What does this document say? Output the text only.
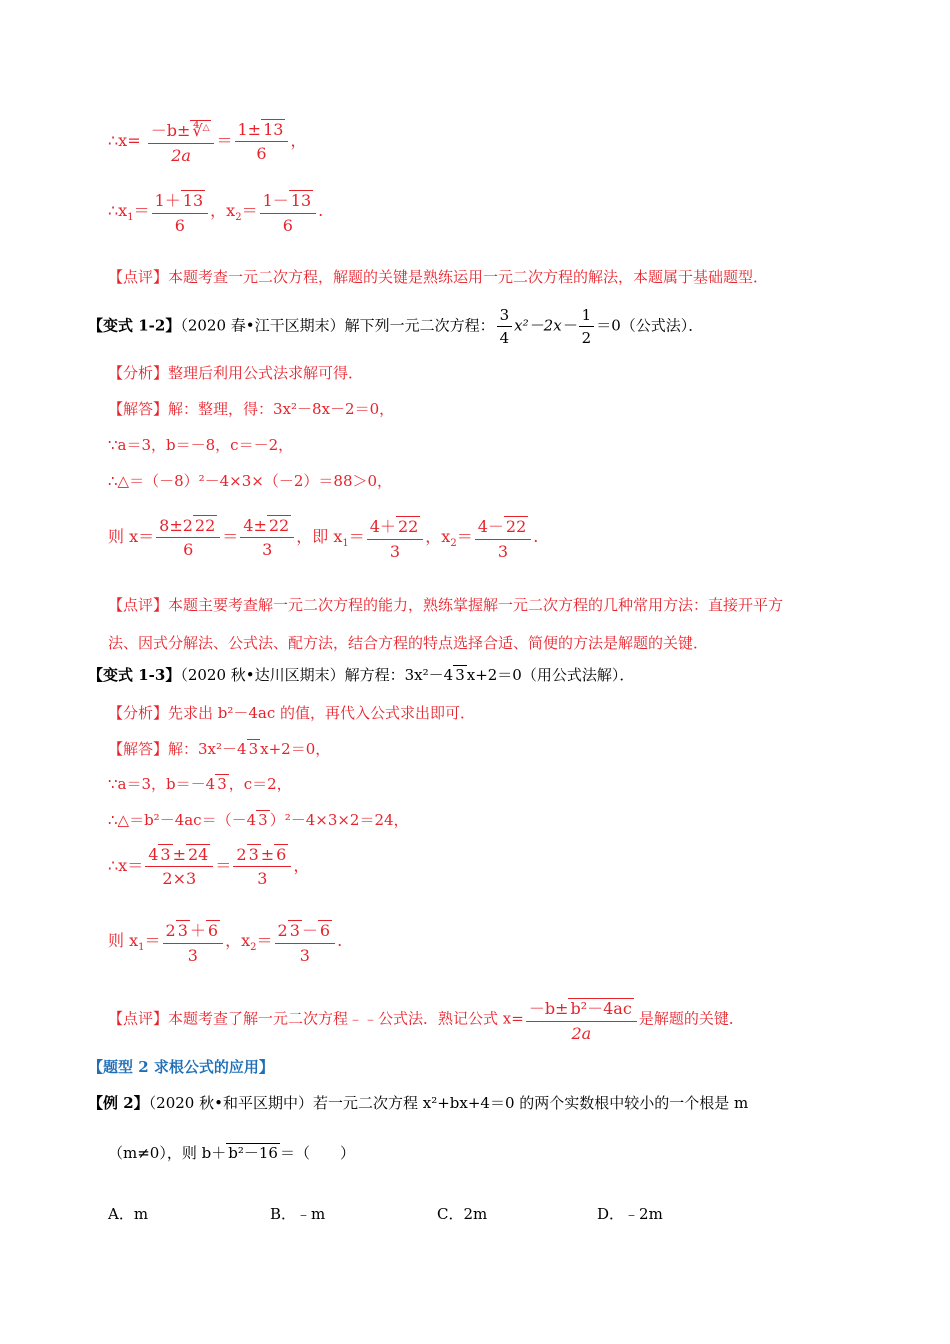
∴x= $\frac{-b\pm ∜^\triangle}{2a} = \frac{1\pm 13}{6}$ ，
$\therefore x_1= \frac{1+ 13}{6}$ ，$x_2= \frac{1- 13}{6}$ .
【点评】本题考查一元二次方程，解题的关键是熟练运用一元二次方程的解法，本题属于基础题型．
【变式 1-2】（2020 春•江干区期末）解下列一元二次方程： $\frac{3}{4} x^2-2x- \frac{1}{2} =0$（公式法）．
【分析】整理后利用公式法求解可得．
【解答】解：整理，得：3x²－8x－2＝0，
∵a＝3，b＝－8，c＝－2，
∴△＝（－8）²－4×3×（－2）＝88＞0，
则 $x= \frac{8\pm 2 22}{6} = \frac{4\pm 22}{3}$ ，即 $x_1= \frac{4+ 22}{3}$ ，$x_2= \frac{4- 22}{3}$ .
【点评】本题主要考查解一元二次方程的能力，熟练掌握解一元二次方程的几种常用方法：直接开平方
法、因式分解法、公式法、配方法，结合方程的特点选择合适、简便的方法是解题的关键．
【变式 1-3】（2020 秋•达川区期末）解方程：3x²－4 3 x+2＝0（用公式法解）．
【分析】先求出 b²－4ac 的值，再代入公式求出即可．
【解答】解：3x²－4 3 x+2＝0，
∵a＝3，b＝－4 3 ，c＝2，
∴△＝b²－4ac＝（－4 3 ）²－4×3×2＝24，
∴x＝ $\frac{4 3 \pm 24}{2\times 3} = \frac{2 3 \pm 6}{3}$ ，
则 $x_1= \frac{2 3 + 6}{3}$ ，$x_2= \frac{2 3 - 6}{3}$ .
【点评】本题考查了解一元二次方程﹣﹣公式法．熟记公式 $x= \frac{\text{－b± b²－4ac}}{2a}$ 是解题的关键．
【题型 2 求根公式的应用】
【例 2】（2020 秋•和平区期中）若一元二次方程 x²+bx+4＝0 的两个实数根中较小的一个根是 m
（m≠0），则 b＋ b²－16 ＝（　　）
A．m	B．﹣m	C．2m	D．﹣2m
